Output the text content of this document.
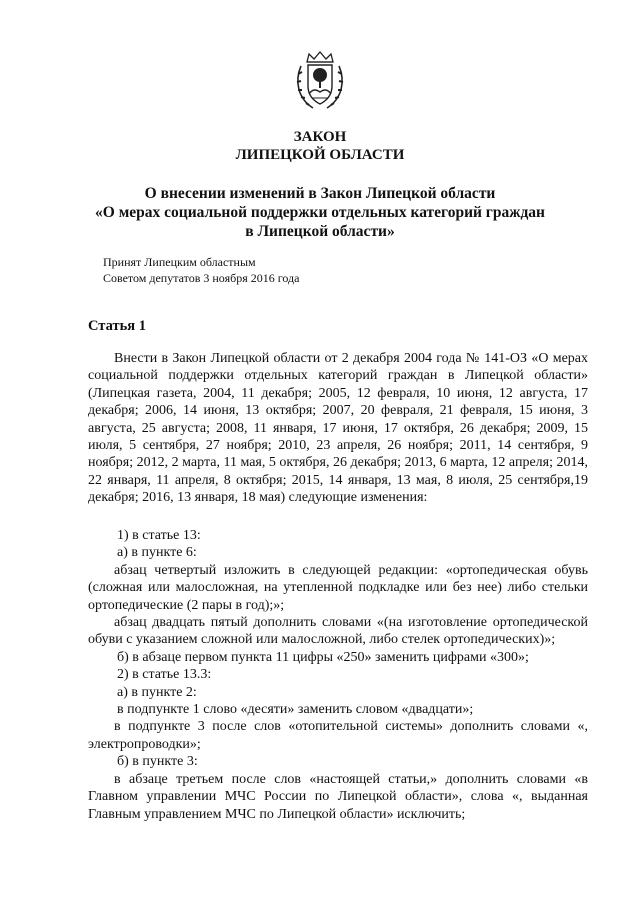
ЗАКОН
ЛИПЕЦКОЙ ОБЛАСТИ
О внесении изменений в Закон Липецкой области
«О мерах социальной поддержки отдельных категорий граждан
в Липецкой области»
Принят Липецким областным
Советом депутатов 3 ноября 2016 года
Статья 1

Внести в Закон Липецкой области от 2 декабря 2004 года № 141-ОЗ «О мерах социальной поддержки отдельных категорий граждан в Липецкой области» (Липецкая газета, 2004, 11 декабря; 2005, 12 февраля, 10 июня, 12 августа, 17 декабря; 2006, 14 июня, 13 октября; 2007, 20 февраля, 21 февраля, 15 июня, 3 августа, 25 августа; 2008, 11 января, 17 июня, 17 октября, 26 декабря; 2009, 15 июля, 5 сентября, 27 ноября; 2010, 23 апреля, 26 ноября; 2011, 14 сентября, 9 ноября; 2012, 2 марта, 11 мая, 5 октября, 26 декабря; 2013, 6 марта, 12 апреля; 2014, 22 января, 11 апреля, 8 октября; 2015, 14 января, 13 мая, 8 июля, 25 сентября,19 декабря; 2016, 13 января, 18 мая) следующие изменения:

1) в статье 13:

а) в пункте 6:

абзац четвертый изложить в следующей редакции: «ортопедическая обувь (сложная или малосложная, на утепленной подкладке или без нее) либо стельки ортопедические (2 пары в год);»;

абзац двадцать пятый дополнить словами «(на изготовление ортопедической обуви с указанием сложной или малосложной, либо стелек ортопедических)»;

б) в абзаце первом пункта 11 цифры «250» заменить цифрами «300»;

2) в статье 13.3:

а) в пункте 2:

в подпункте 1 слово «десяти» заменить словом «двадцати»;

в подпункте 3 после слов «отопительной системы» дополнить словами «, электропроводки»;

б) в пункте 3:

в абзаце третьем после слов «настоящей статьи,» дополнить словами «в Главном управлении МЧС России по Липецкой области», слова «, выданная Главным управлением МЧС по Липецкой области» исключить;
